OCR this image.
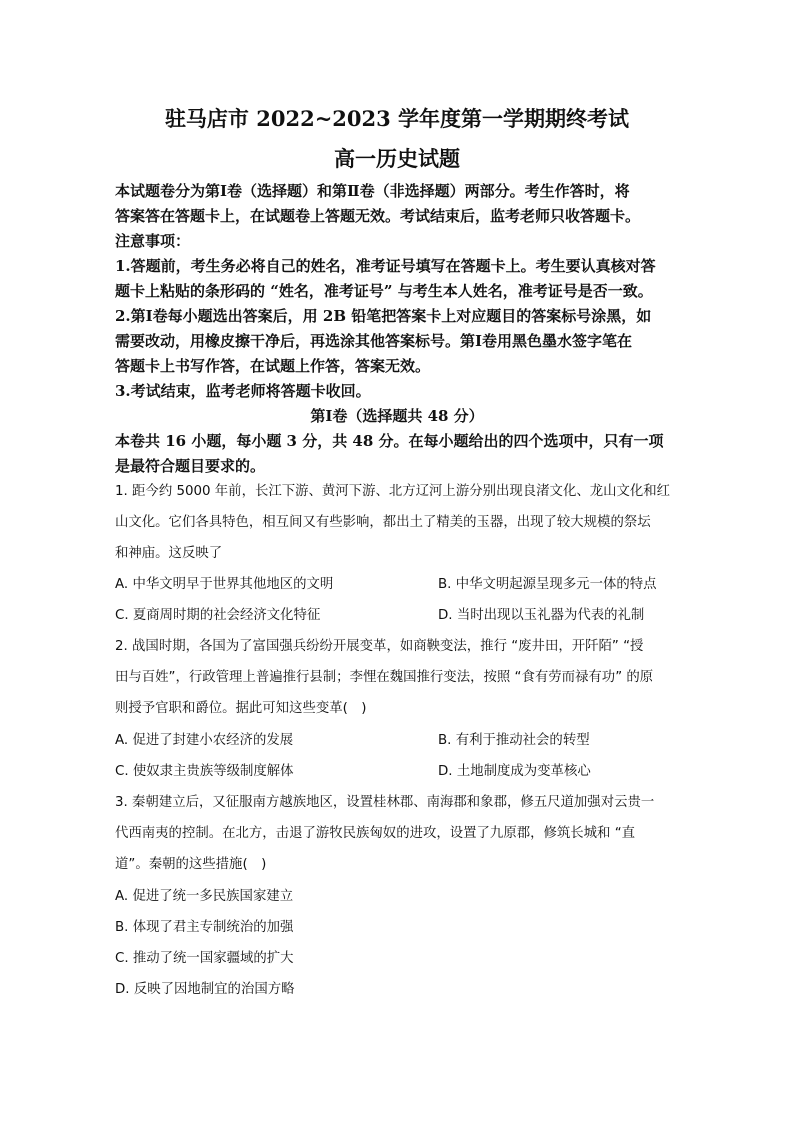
驻马店市 2022~2023 学年度第一学期期终考试
高一历史试题
本试题卷分为第Ⅰ卷（选择题）和第Ⅱ卷（非选择题）两部分。考生作答时，将
答案答在答题卡上，在试题卷上答题无效。考试结束后，监考老师只收答题卡。
注意事项：
1.答题前，考生务必将自己的姓名，准考证号填写在答题卡上。考生要认真核对答
题卡上粘贴的条形码的 “姓名，准考证号” 与考生本人姓名，准考证号是否一致。
2.第Ⅰ卷每小题选出答案后，用 2B 铅笔把答案卡上对应题目的答案标号涂黑，如
需要改动，用橡皮擦干净后，再选涂其他答案标号。第Ⅰ卷用黑色墨水签字笔在
答题卡上书写作答，在试题上作答，答案无效。
3.考试结束，监考老师将答题卡收回。
第Ⅰ卷（选择题共 48 分）
本卷共 16 小题，每小题 3 分，共 48 分。在每小题给出的四个选项中，只有一项
是最符合题目要求的。
1. 距今约 5000 年前，长江下游、黄河下游、北方辽河上游分别出现良渚文化、龙山文化和红
山文化。它们各具特色，相互间又有些影响，都出土了精美的玉器，出现了较大规模的祭坛
和神庙。这反映了
A. 中华文明早于世界其他地区的文明	B. 中华文明起源呈现多元一体的特点
C. 夏商周时期的社会经济文化特征	D. 当时出现以玉礼器为代表的礼制
2. 战国时期，各国为了富国强兵纷纷开展变革，如商鞅变法，推行 “废井田，开阡陌” “授
田与百姓”，行政管理上普遍推行县制；李悝在魏国推行变法，按照 “食有劳而禄有功” 的原
则授予官职和爵位。据此可知这些变革(　)
A. 促进了封建小农经济的发展	B. 有利于推动社会的转型
C. 使奴隶主贵族等级制度解体	D. 土地制度成为变革核心
3. 秦朝建立后，又征服南方越族地区，设置桂林郡、南海郡和象郡，修五尺道加强对云贵一
代西南夷的控制。在北方，击退了游牧民族匈奴的进攻，设置了九原郡，修筑长城和 “直
道”。秦朝的这些措施(　)
A. 促进了统一多民族国家建立
B. 体现了君主专制统治的加强
C. 推动了统一国家疆域的扩大
D. 反映了因地制宜的治国方略
